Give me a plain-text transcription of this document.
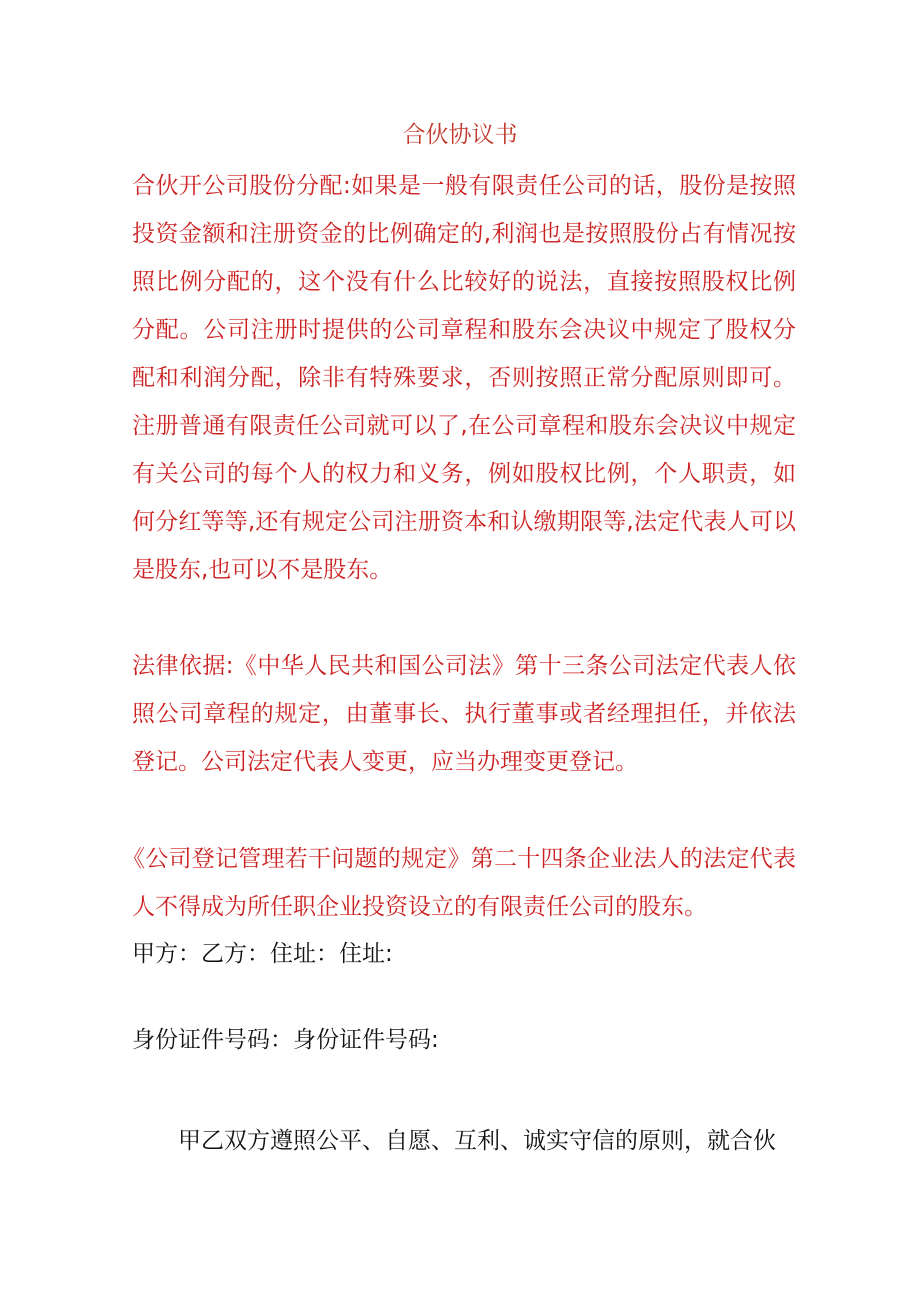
合伙协议书
合伙开公司股份分配:如果是一般有限责任公司的话，股份是按照投资金额和注册资金的比例确定的,利润也是按照股份占有情况按照比例分配的，这个没有什么比较好的说法，直接按照股权比例分配。公司注册时提供的公司章程和股东会决议中规定了股权分配和利润分配，除非有特殊要求，否则按照正常分配原则即可。注册普通有限责任公司就可以了,在公司章程和股东会决议中规定有关公司的每个人的权力和义务，例如股权比例，个人职责，如何分红等等,还有规定公司注册资本和认缴期限等,法定代表人可以是股东,也可以不是股东。
法律依据:《中华人民共和国公司法》第十三条公司法定代表人依照公司章程的规定，由董事长、执行董事或者经理担任，并依法登记。公司法定代表人变更，应当办理变更登记。
《公司登记管理若干问题的规定》第二十四条企业法人的法定代表人不得成为所任职企业投资设立的有限责任公司的股东。
甲方：乙方：住址：住址:
身份证件号码：身份证件号码:
甲乙双方遵照公平、自愿、互利、诚实守信的原则，就合伙
